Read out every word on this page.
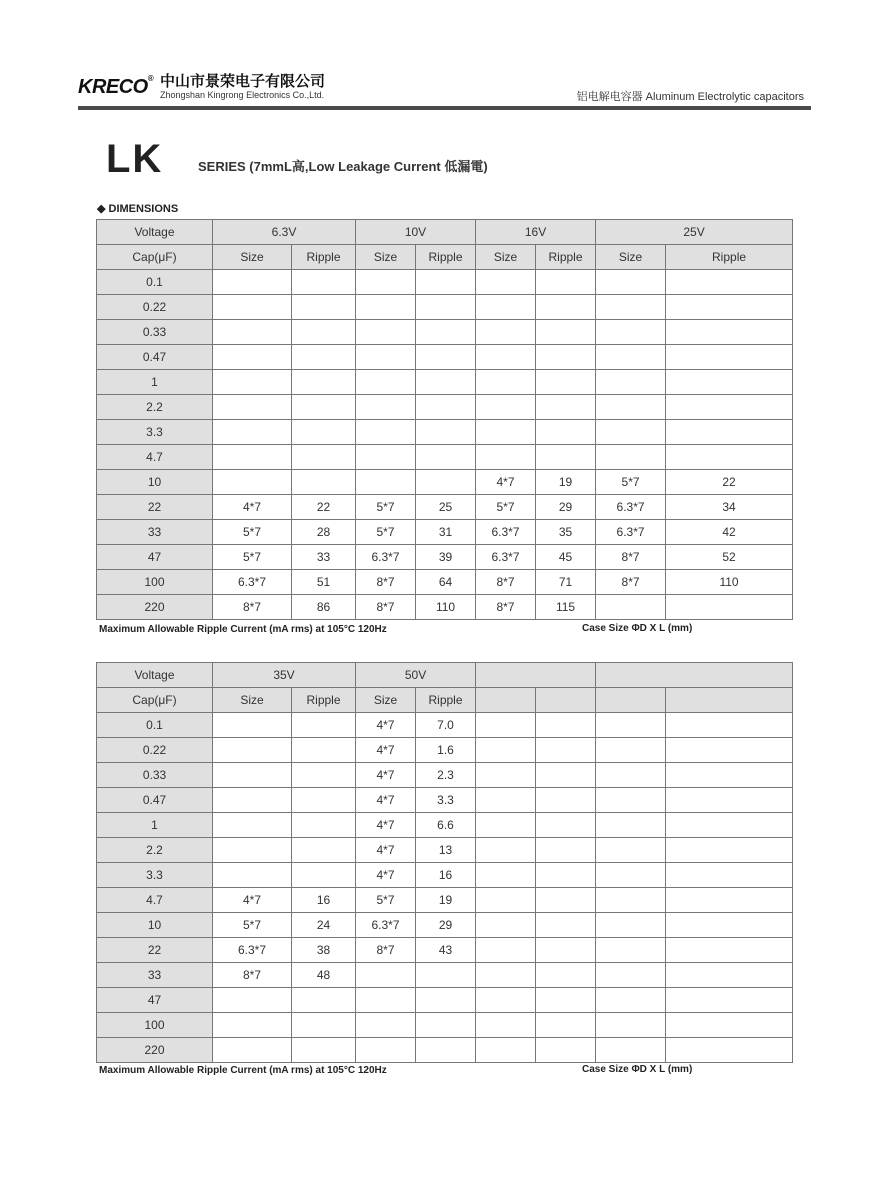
KRECO® 中山市景荣电子有限公司
Zhongshan Kingrong Electronics Co.,Ltd.	铝电解电容器 Aluminum Electrolytic capacitors
LK	SERIES (7mmL高,Low Leakage Current 低漏電)
◆ DIMENSIONS
Voltage	6.3V		10V		16V		25V	
Cap(μF)	Size	Ripple	Size	Ripple	Size	Ripple	Size	Ripple
0.1								
0.22								
0.33								
0.47								
1								
2.2								
3.3								
4.7								
10					4*7	19	5*7	22
22	4*7	22	5*7	25	5*7	29	6.3*7	34
33	5*7	28	5*7	31	6.3*7	35	6.3*7	42
47	5*7	33	6.3*7	39	6.3*7	45	8*7	52
100	6.3*7	51	8*7	64	8*7	71	8*7	110
220	8*7	86	8*7	110	8*7	115		
Maximum Allowable Ripple Current (mA rms) at 105°C 120Hz	Case Size ΦD X L (mm)
Voltage	35V		50V					
Cap(μF)	Size	Ripple	Size	Ripple				
0.1			4*7	7.0				
0.22			4*7	1.6				
0.33			4*7	2.3				
0.47			4*7	3.3				
1			4*7	6.6				
2.2			4*7	13				
3.3			4*7	16				
4.7	4*7	16	5*7	19				
10	5*7	24	6.3*7	29				
22	6.3*7	38	8*7	43				
33	8*7	48						
47								
100								
220								
Maximum Allowable Ripple Current (mA rms) at 105°C 120Hz	Case Size ΦD X L (mm)
